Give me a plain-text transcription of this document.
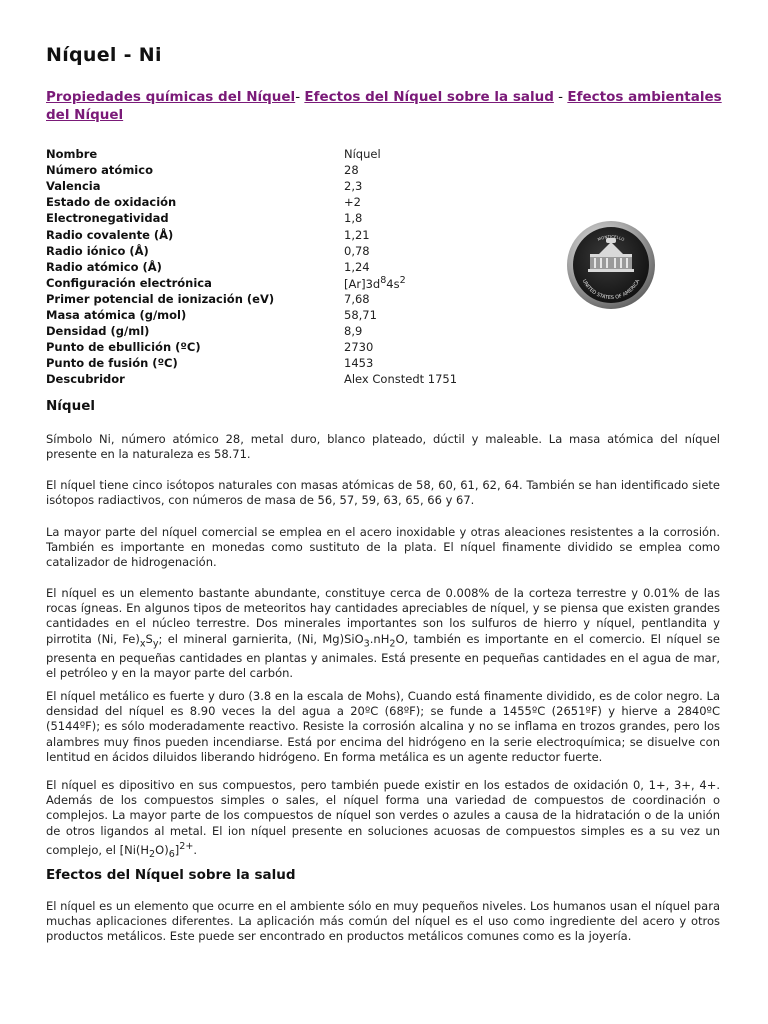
Níquel - Ni
Propiedades químicas del Níquel- Efectos del Níquel sobre la salud - Efectos ambientales del Níquel
Nombre	Níquel
Número atómico	28
Valencia	2,3
Estado de oxidación	+2
Electronegatividad	1,8
Radio covalente (Å)	1,21
Radio iónico (Å)	0,78
Radio atómico (Å)	1,24
Configuración electrónica	$[Ar]3d^84s^2$
Primer potencial de ionización (eV)	7,68
Masa atómica (g/mol)	58,71
Densidad (g/ml)	8,9
Punto de ebullición (ºC)	2730
Punto de fusión (ºC)	1453
Descubridor	Alex Constedt 1751
MONTICELLO
UNITED STATES OF AMERICA
Níquel

Símbolo Ni, número atómico 28, metal duro, blanco plateado, dúctil y maleable. La masa atómica del níquel presente en la naturaleza es 58.71.

El níquel tiene cinco isótopos naturales con masas atómicas de 58, 60, 61, 62, 64. También se han identificado siete isótopos radiactivos, con números de masa de 56, 57, 59, 63, 65, 66 y 67.

La mayor parte del níquel comercial se emplea en el acero inoxidable y otras aleaciones resistentes a la corrosión. También es importante en monedas como sustituto de la plata. El níquel finamente dividido se emplea como catalizador de hidrogenación.

El níquel es un elemento bastante abundante, constituye cerca de 0.008% de la corteza terrestre y 0.01% de las rocas ígneas. En algunos tipos de meteoritos hay cantidades apreciables de níquel, y se piensa que existen grandes cantidades en el núcleo terrestre. Dos minerales importantes son los sulfuros de hierro y níquel, pentlandita y pirrotita (Ni, $Fe)_xS_y$; el mineral garnierita, (Ni, $Mg)SiO_3.nH_2O$, también es importante en el comercio. El níquel se presenta en pequeñas cantidades en plantas y animales. Está presente en pequeñas cantidades en el agua de mar, el petróleo y en la mayor parte del carbón.

El níquel metálico es fuerte y duro (3.8 en la escala de Mohs), Cuando está finamente dividido, es de color negro. La densidad del níquel es 8.90 veces la del agua a 20ºC (68ºF); se funde a 1455ºC (2651ºF) y hierve a 2840ºC (5144ºF); es sólo moderadamente reactivo. Resiste la corrosión alcalina y no se inflama en trozos grandes, pero los alambres muy finos pueden incendiarse. Está por encima del hidrógeno en la serie electroquímica; se disuelve con lentitud en ácidos diluidos liberando hidrógeno. En forma metálica es un agente reductor fuerte.

El níquel es dipositivo en sus compuestos, pero también puede existir en los estados de oxidación 0, 1+, 3+, 4+. Además de los compuestos simples o sales, el níquel forma una variedad de compuestos de coordinación o complejos. La mayor parte de los compuestos de níquel son verdes o azules a causa de la hidratación o de la unión de otros ligandos al metal. El ion níquel presente en soluciones acuosas de compuestos simples es a su vez un complejo, el $[Ni(H_2O)_6]^{2+}$.

Efectos del Níquel sobre la salud

El níquel es un elemento que ocurre en el ambiente sólo en muy pequeños niveles. Los humanos usan el níquel para muchas aplicaciones diferentes. La aplicación más común del níquel es el uso como ingrediente del acero y otros productos metálicos. Este puede ser encontrado en productos metálicos comunes como es la joyería.
